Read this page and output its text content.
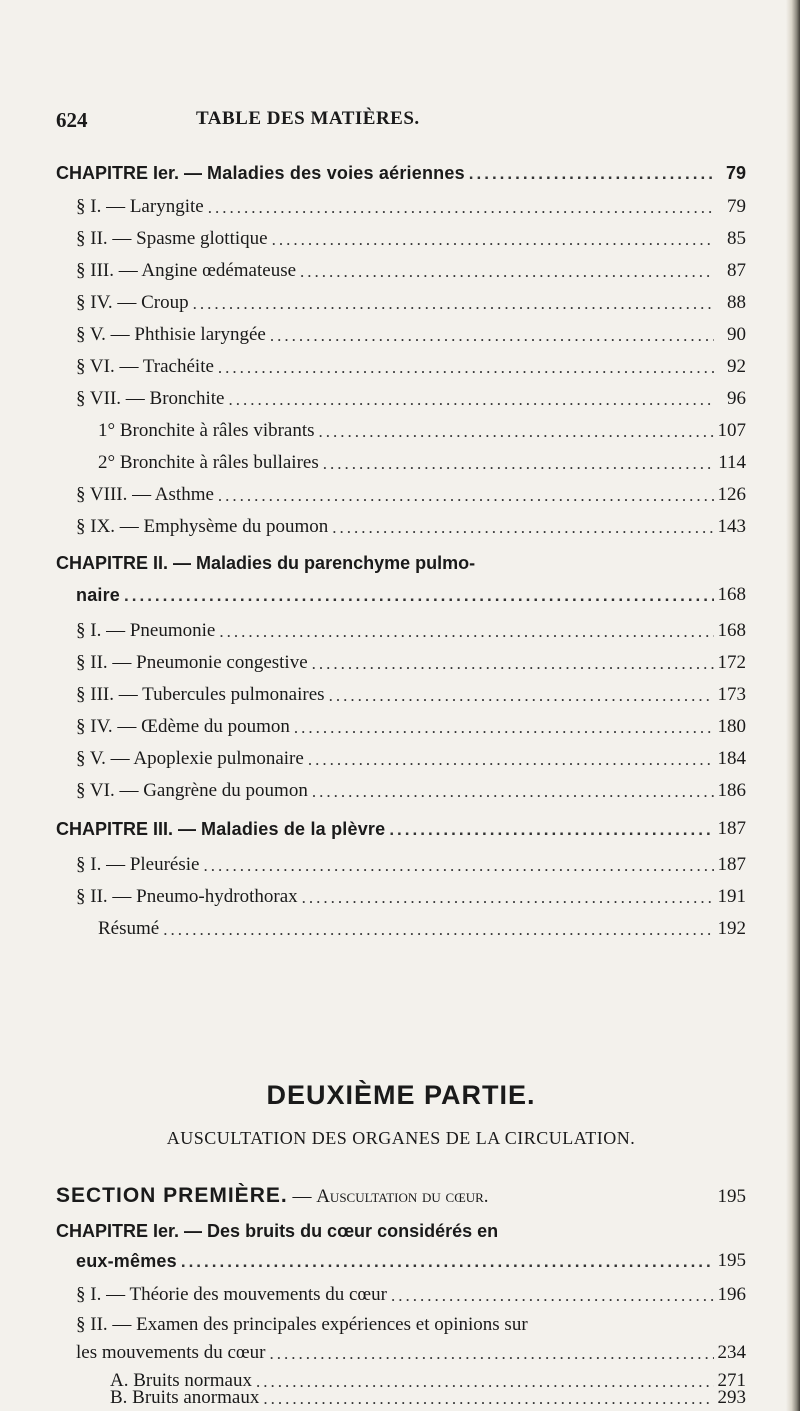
624	TABLE DES MATIÈRES.
CHAPITRE Ier. — Maladies des voies aériennes .....	79
§ I. — Laryngite .....	79
§ II. — Spasme glottique .....	85
§ III. — Angine œdémateuse .....	87
§ IV. — Croup .....	88
§ V. — Phthisie laryngée .....	90
§ VI. — Trachéite .....	92
§ VII. — Bronchite .....	96
1° Bronchite à râles vibrants .....	107
2° Bronchite à râles bullaires .....	114
§ VIII. — Asthme .....	126
§ IX. — Emphysème du poumon .....	143
CHAPITRE II. — Maladies du parenchyme pulmo-
naire .....	168
§ I. — Pneumonie .....	168
§ II. — Pneumonie congestive .....	172
§ III. — Tubercules pulmonaires .....	173
§ IV. — Œdème du poumon .....	180
§ V. — Apoplexie pulmonaire .....	184
§ VI. — Gangrène du poumon .....	186
CHAPITRE III. — Maladies de la plèvre .....	187
§ I. — Pleurésie .....	187
§ II. — Pneumo-hydrothorax .....	191
Résumé .....	192
DEUXIÈME PARTIE.
AUSCULTATION DES ORGANES DE LA CIRCULATION.
SECTION PREMIÈRE. — Auscultation du cœur.	195
CHAPITRE Ier. — Des bruits du cœur considérés en
eux-mêmes .....	195
§ I. — Théorie des mouvements du cœur .....	196
§ II. — Examen des principales expériences et opinions sur
les mouvements du cœur .....	234
A. Bruits normaux .....	271
B. Bruits anormaux .....	293
